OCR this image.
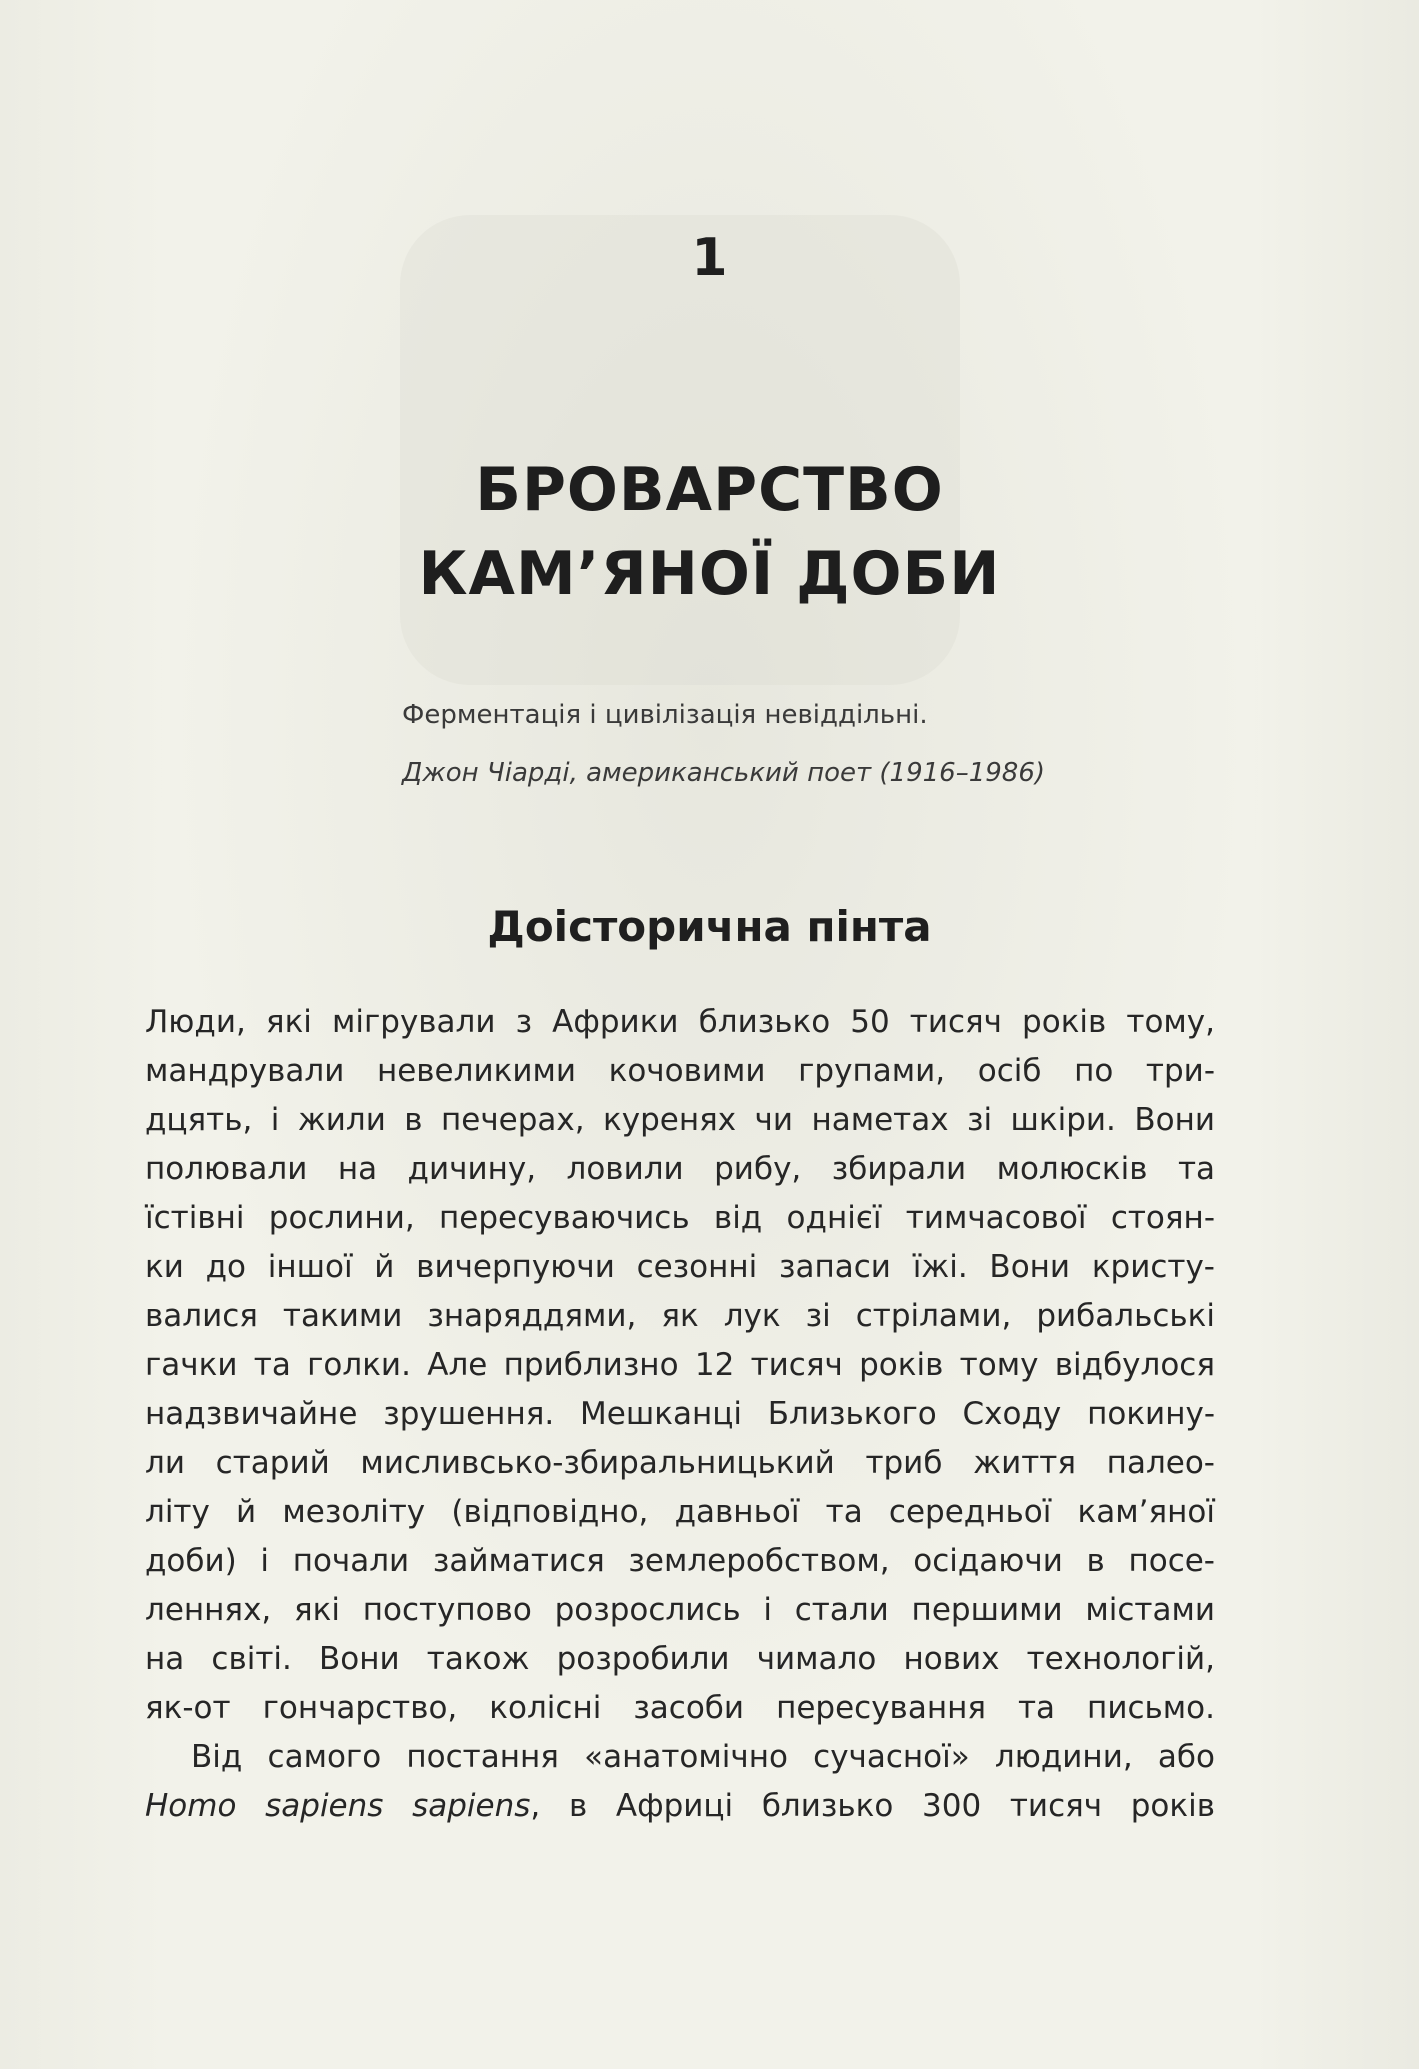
1
БРОВАРСТВО
КАМ’ЯНОЇ ДОБИ
Ферментація і цивілізація невіддільні.
Джон Чіарді, американський поет (1916–1986)
Доісторична пінта
Люди, які мігрували з Африки близько 50 тисяч років тому,
мандрували невеликими кочовими групами, осіб по три-
дцять, і жили в печерах, куренях чи наметах зі шкіри. Вони
полювали на дичину, ловили рибу, збирали молюсків та
їстівні рослини, пересуваючись від однієї тимчасової стоян-
ки до іншої й вичерпуючи сезонні запаси їжі. Вони кристу-
валися такими знаряддями, як лук зі стрілами, рибальські
гачки та голки. Але приблизно 12 тисяч років тому відбулося
надзвичайне зрушення. Мешканці Близького Сходу покину-
ли старий мисливсько-збиральницький триб життя палео-
літу й мезоліту (відповідно, давньої та середньої кам’яної
доби) і почали займатися землеробством, осідаючи в посе-
леннях, які поступово розрослись і стали першими містами
на світі. Вони також розробили чимало нових технологій,
як-от гончарство, колісні засоби пересування та письмо.
Від самого постання «анатомічно сучасної» людини, або
Homo sapiens sapiens, в Африці близько 300 тисяч років
